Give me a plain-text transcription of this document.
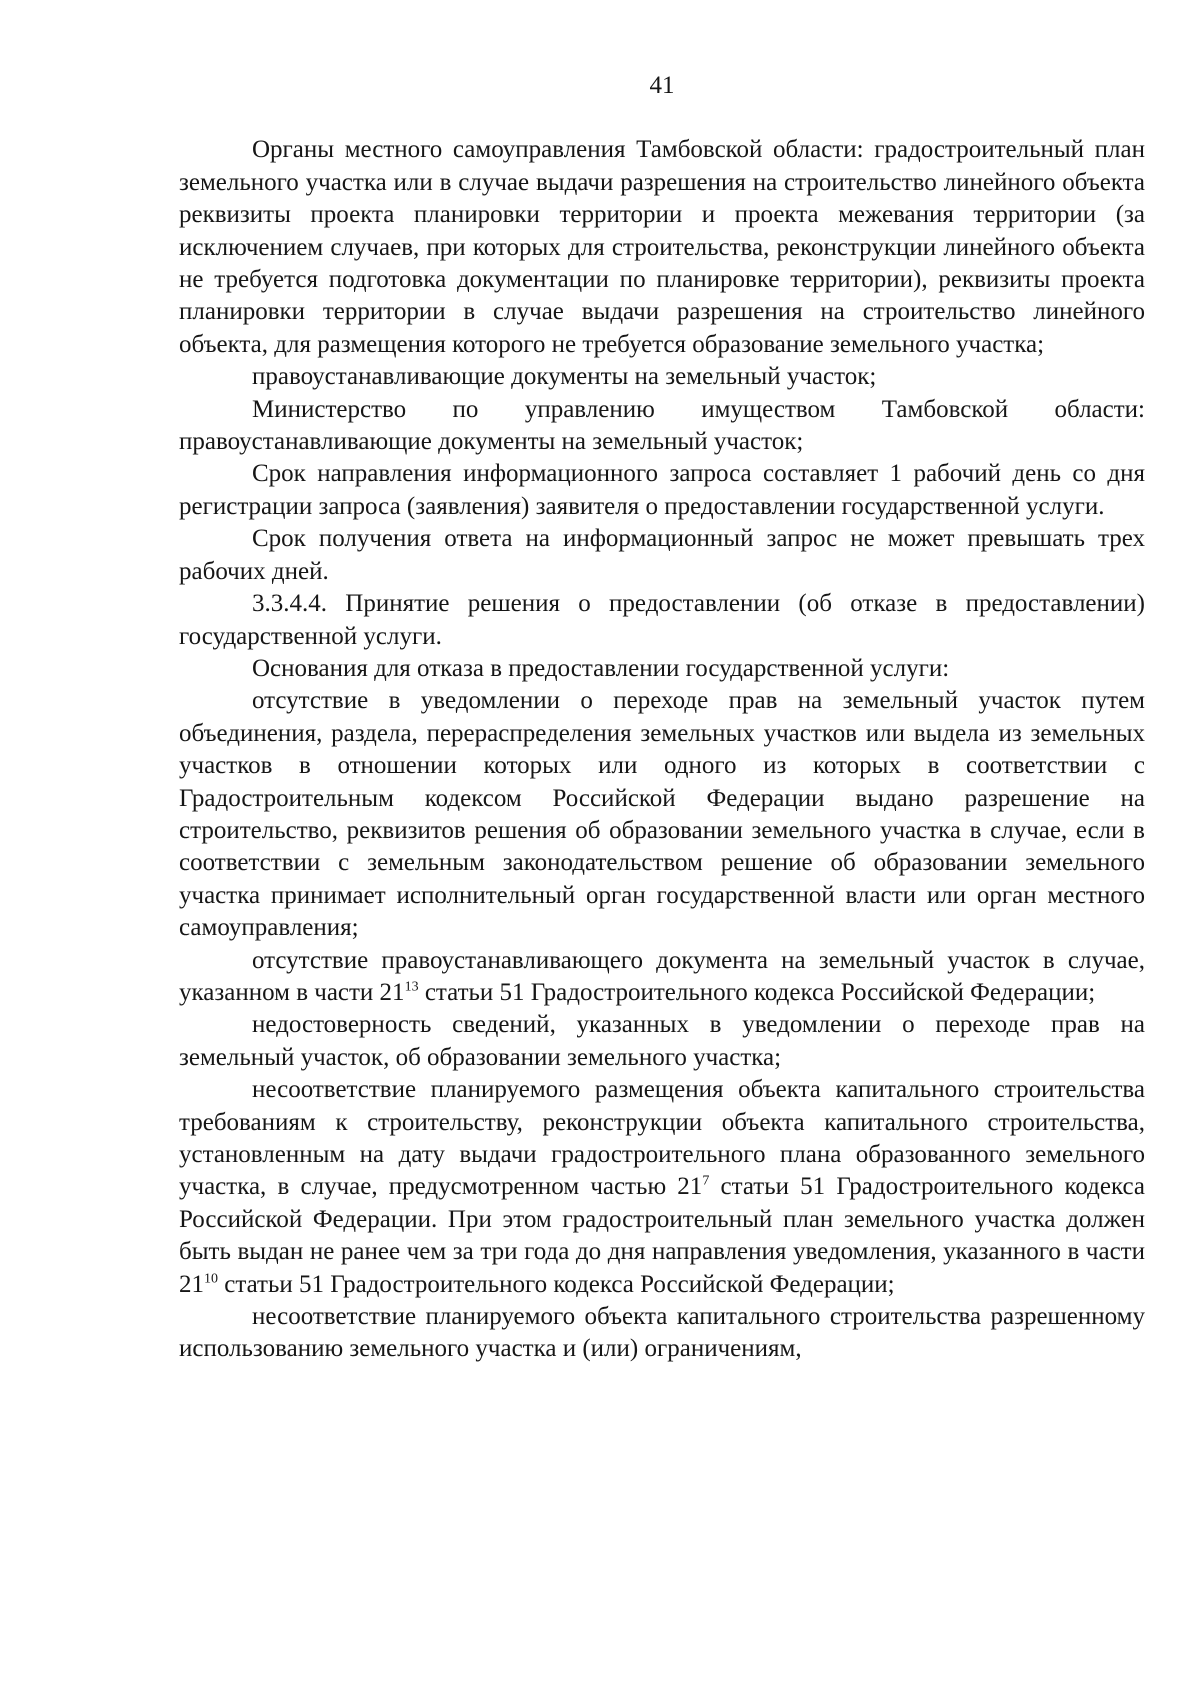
41

Органы местного самоуправления Тамбовской области: градостроительный план земельного участка или в случае выдачи разрешения на строительство линейного объекта реквизиты проекта планировки территории и проекта межевания территории (за исключением случаев, при которых для строительства, реконструкции линейного объекта не требуется подготовка документации по планировке территории), реквизиты проекта планировки территории в случае выдачи разрешения на строительство линейного объекта, для размещения которого не требуется образование земельного участка;

правоустанавливающие документы на земельный участок;

Министерство по управлению имуществом Тамбовской области: правоустанавливающие документы на земельный участок;

Срок направления информационного запроса составляет 1 рабочий день со дня регистрации запроса (заявления) заявителя о предоставлении государственной услуги.

Срок получения ответа на информационный запрос не может превышать трех рабочих дней.

3.3.4.4. Принятие решения о предоставлении (об отказе в предоставлении) государственной услуги.

Основания для отказа в предоставлении государственной услуги:

отсутствие в уведомлении о переходе прав на земельный участок путем объединения, раздела, перераспределения земельных участков или выдела из земельных участков в отношении которых или одного из которых в соответствии с Градостроительным кодексом Российской Федерации выдано разрешение на строительство, реквизитов решения об образовании земельного участка в случае, если в соответствии с земельным законодательством решение об образовании земельного участка принимает исполнительный орган государственной власти или орган местного самоуправления;

отсутствие правоустанавливающего документа на земельный участок в случае, указанном в части $21^{13}$ статьи 51 Градостроительного кодекса Российской Федерации;

недостоверность сведений, указанных в уведомлении о переходе прав на земельный участок, об образовании земельного участка;

несоответствие планируемого размещения объекта капитального строительства требованиям к строительству, реконструкции объекта капитального строительства, установленным на дату выдачи градостроительного плана образованного земельного участка, в случае, предусмотренном частью $21^7$ статьи 51 Градостроительного кодекса Российской Федерации. При этом градостроительный план земельного участка должен быть выдан не ранее чем за три года до дня направления уведомления, указанного в части $21^{10}$ статьи 51 Градостроительного кодекса Российской Федерации;

несоответствие планируемого объекта капитального строительства разрешенному использованию земельного участка и (или) ограничениям,
